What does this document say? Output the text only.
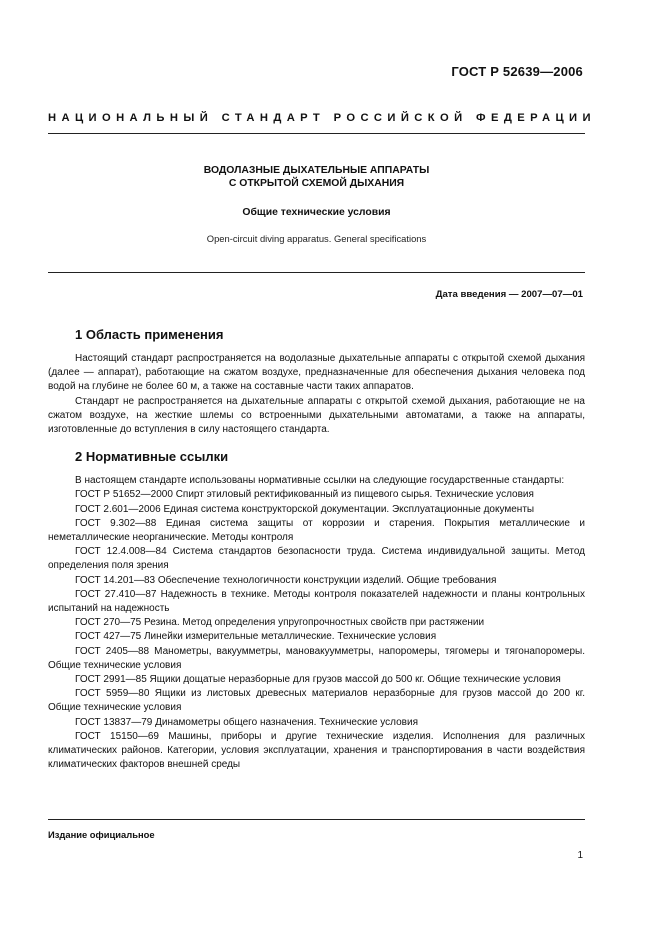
ГОСТ Р 52639—2006
НАЦИОНАЛЬНЫЙ СТАНДАРТ РОССИЙСКОЙ ФЕДЕРАЦИИ
ВОДОЛАЗНЫЕ ДЫХАТЕЛЬНЫЕ АППАРАТЫ
С ОТКРЫТОЙ СХЕМОЙ ДЫХАНИЯ
Общие технические условия
Open-circuit diving apparatus. General specifications
Дата введения — 2007—07—01
1 Область применения

Настоящий стандарт распространяется на водолазные дыхательные аппараты с открытой схемой дыхания (далее — аппарат), работающие на сжатом воздухе, предназначенные для обеспечения дыхания человека под водой на глубине не более 60 м, а также на составные части таких аппаратов.

Стандарт не распространяется на дыхательные аппараты с открытой схемой дыхания, работающие не на сжатом воздухе, на жесткие шлемы со встроенными дыхательными автоматами, а также на аппараты, изготовленные до вступления в силу настоящего стандарта.

2 Нормативные ссылки

В настоящем стандарте использованы нормативные ссылки на следующие государственные стандарты:

ГОСТ Р 51652—2000 Спирт этиловый ректификованный из пищевого сырья. Технические условия

ГОСТ 2.601—2006 Единая система конструкторской документации. Эксплуатационные документы

ГОСТ 9.302—88 Единая система защиты от коррозии и старения. Покрытия металлические и неметаллические неорганические. Методы контроля

ГОСТ 12.4.008—84 Система стандартов безопасности труда. Система индивидуальной защиты. Метод определения поля зрения

ГОСТ 14.201—83 Обеспечение технологичности конструкции изделий. Общие требования

ГОСТ 27.410—87 Надежность в технике. Методы контроля показателей надежности и планы контрольных испытаний на надежность

ГОСТ 270—75 Резина. Метод определения упругопрочностных свойств при растяжении

ГОСТ 427—75 Линейки измерительные металлические. Технические условия

ГОСТ 2405—88 Манометры, вакуумметры, мановакуумметры, напоромеры, тягомеры и тягонапоромеры. Общие технические условия

ГОСТ 2991—85 Ящики дощатые неразборные для грузов массой до 500 кг. Общие технические условия

ГОСТ 5959—80 Ящики из листовых древесных материалов неразборные для грузов массой до 200 кг. Общие технические условия

ГОСТ 13837—79 Динамометры общего назначения. Технические условия

ГОСТ 15150—69 Машины, приборы и другие технические изделия. Исполнения для различных климатических районов. Категории, условия эксплуатации, хранения и транспортирования в части воздействия климатических факторов внешней среды

Издание официальное
1
